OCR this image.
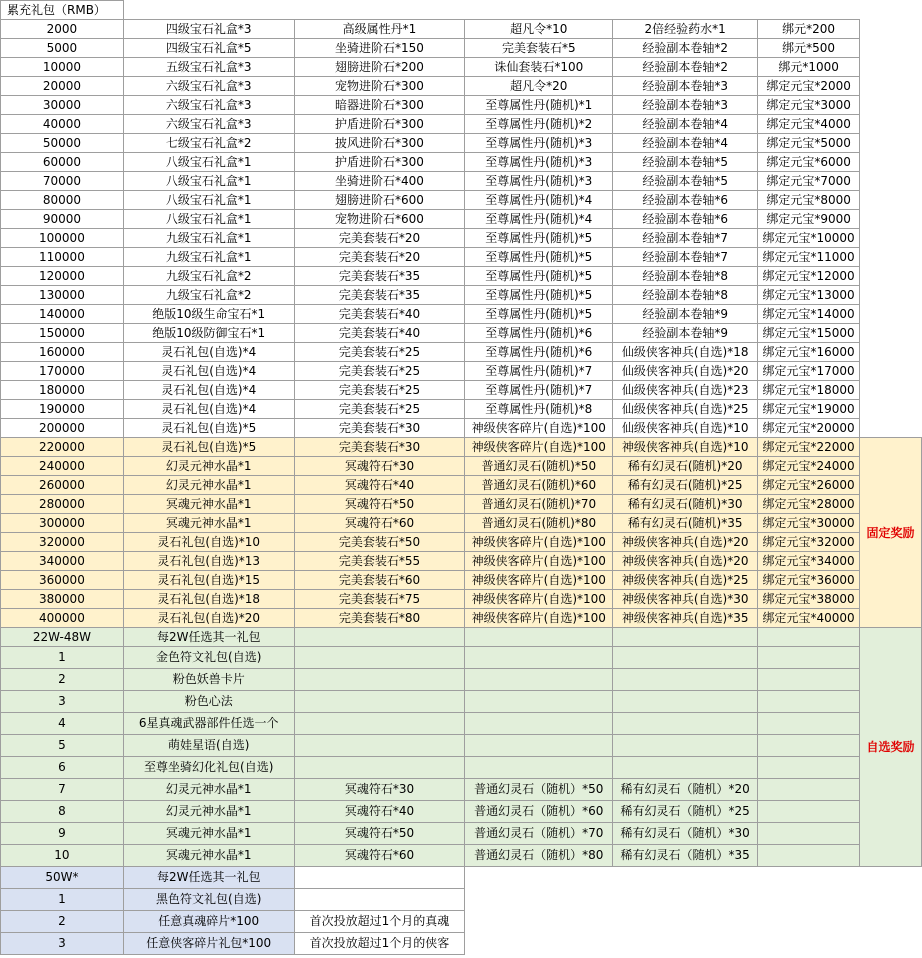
累充礼包（RMB）						
2000	四级宝石礼盒*3	高级属性丹*1	超凡令*10	2倍经验药水*1	绑元*200	
5000	四级宝石礼盒*5	坐骑进阶石*150	完美套装石*5	经验副本卷轴*2	绑元*500	
10000	五级宝石礼盒*3	翅膀进阶石*200	诛仙套装石*100	经验副本卷轴*2	绑元*1000	
20000	六级宝石礼盒*3	宠物进阶石*300	超凡令*20	经验副本卷轴*3	绑定元宝*2000	
30000	六级宝石礼盒*3	暗器进阶石*300	至尊属性丹(随机)*1	经验副本卷轴*3	绑定元宝*3000	
40000	六级宝石礼盒*3	护盾进阶石*300	至尊属性丹(随机)*2	经验副本卷轴*4	绑定元宝*4000	
50000	七级宝石礼盒*2	披风进阶石*300	至尊属性丹(随机)*3	经验副本卷轴*4	绑定元宝*5000	
60000	八级宝石礼盒*1	护盾进阶石*300	至尊属性丹(随机)*3	经验副本卷轴*5	绑定元宝*6000	
70000	八级宝石礼盒*1	坐骑进阶石*400	至尊属性丹(随机)*3	经验副本卷轴*5	绑定元宝*7000	
80000	八级宝石礼盒*1	翅膀进阶石*600	至尊属性丹(随机)*4	经验副本卷轴*6	绑定元宝*8000	
90000	八级宝石礼盒*1	宠物进阶石*600	至尊属性丹(随机)*4	经验副本卷轴*6	绑定元宝*9000	
100000	九级宝石礼盒*1	完美套装石*20	至尊属性丹(随机)*5	经验副本卷轴*7	绑定元宝*10000	
110000	九级宝石礼盒*1	完美套装石*20	至尊属性丹(随机)*5	经验副本卷轴*7	绑定元宝*11000	
120000	九级宝石礼盒*2	完美套装石*35	至尊属性丹(随机)*5	经验副本卷轴*8	绑定元宝*12000	
130000	九级宝石礼盒*2	完美套装石*35	至尊属性丹(随机)*5	经验副本卷轴*8	绑定元宝*13000	
140000	绝版10级生命宝石*1	完美套装石*40	至尊属性丹(随机)*5	经验副本卷轴*9	绑定元宝*14000	
150000	绝版10级防御宝石*1	完美套装石*40	至尊属性丹(随机)*6	经验副本卷轴*9	绑定元宝*15000	
160000	灵石礼包(自选)*4	完美套装石*25	至尊属性丹(随机)*6	仙级侠客神兵(自选)*18	绑定元宝*16000	
170000	灵石礼包(自选)*4	完美套装石*25	至尊属性丹(随机)*7	仙级侠客神兵(自选)*20	绑定元宝*17000	
180000	灵石礼包(自选)*4	完美套装石*25	至尊属性丹(随机)*7	仙级侠客神兵(自选)*23	绑定元宝*18000	
190000	灵石礼包(自选)*4	完美套装石*25	至尊属性丹(随机)*8	仙级侠客神兵(自选)*25	绑定元宝*19000	
200000	灵石礼包(自选)*5	完美套装石*30	神级侠客碎片(自选)*100	仙级侠客神兵(自选)*10	绑定元宝*20000	
220000	灵石礼包(自选)*5	完美套装石*30	神级侠客碎片(自选)*100	神级侠客神兵(自选)*10	绑定元宝*22000	固定奖励
240000	幻灵元神水晶*1	冥魂符石*30	普通幻灵石(随机)*50	稀有幻灵石(随机)*20	绑定元宝*24000	
260000	幻灵元神水晶*1	冥魂符石*40	普通幻灵石(随机)*60	稀有幻灵石(随机)*25	绑定元宝*26000	
280000	冥魂元神水晶*1	冥魂符石*50	普通幻灵石(随机)*70	稀有幻灵石(随机)*30	绑定元宝*28000	
300000	冥魂元神水晶*1	冥魂符石*60	普通幻灵石(随机)*80	稀有幻灵石(随机)*35	绑定元宝*30000	
320000	灵石礼包(自选)*10	完美套装石*50	神级侠客碎片(自选)*100	神级侠客神兵(自选)*20	绑定元宝*32000	
340000	灵石礼包(自选)*13	完美套装石*55	神级侠客碎片(自选)*100	神级侠客神兵(自选)*20	绑定元宝*34000	
360000	灵石礼包(自选)*15	完美套装石*60	神级侠客碎片(自选)*100	神级侠客神兵(自选)*25	绑定元宝*36000	
380000	灵石礼包(自选)*18	完美套装石*75	神级侠客碎片(自选)*100	神级侠客神兵(自选)*30	绑定元宝*38000	
400000	灵石礼包(自选)*20	完美套装石*80	神级侠客碎片(自选)*100	神级侠客神兵(自选)*35	绑定元宝*40000	
22W-48W	每2W任选其一礼包					自选奖励
1	金色符文礼包(自选)					
2	粉色妖兽卡片					
3	粉色心法					
4	6星真魂武器部件任选一个					
5	萌娃星语(自选)					
6	至尊坐骑幻化礼包(自选)					
7	幻灵元神水晶*1	冥魂符石*30	普通幻灵石（随机）*50	稀有幻灵石（随机）*20		
8	幻灵元神水晶*1	冥魂符石*40	普通幻灵石（随机）*60	稀有幻灵石（随机）*25		
9	冥魂元神水晶*1	冥魂符石*50	普通幻灵石（随机）*70	稀有幻灵石（随机）*30		
10	冥魂元神水晶*1	冥魂符石*60	普通幻灵石（随机）*80	稀有幻灵石（随机）*35		
50W*	每2W任选其一礼包					
1	黑色符文礼包(自选)					
2	任意真魂碎片*100	首次投放超过1个月的真魂				
3	任意侠客碎片礼包*100	首次投放超过1个月的侠客				
